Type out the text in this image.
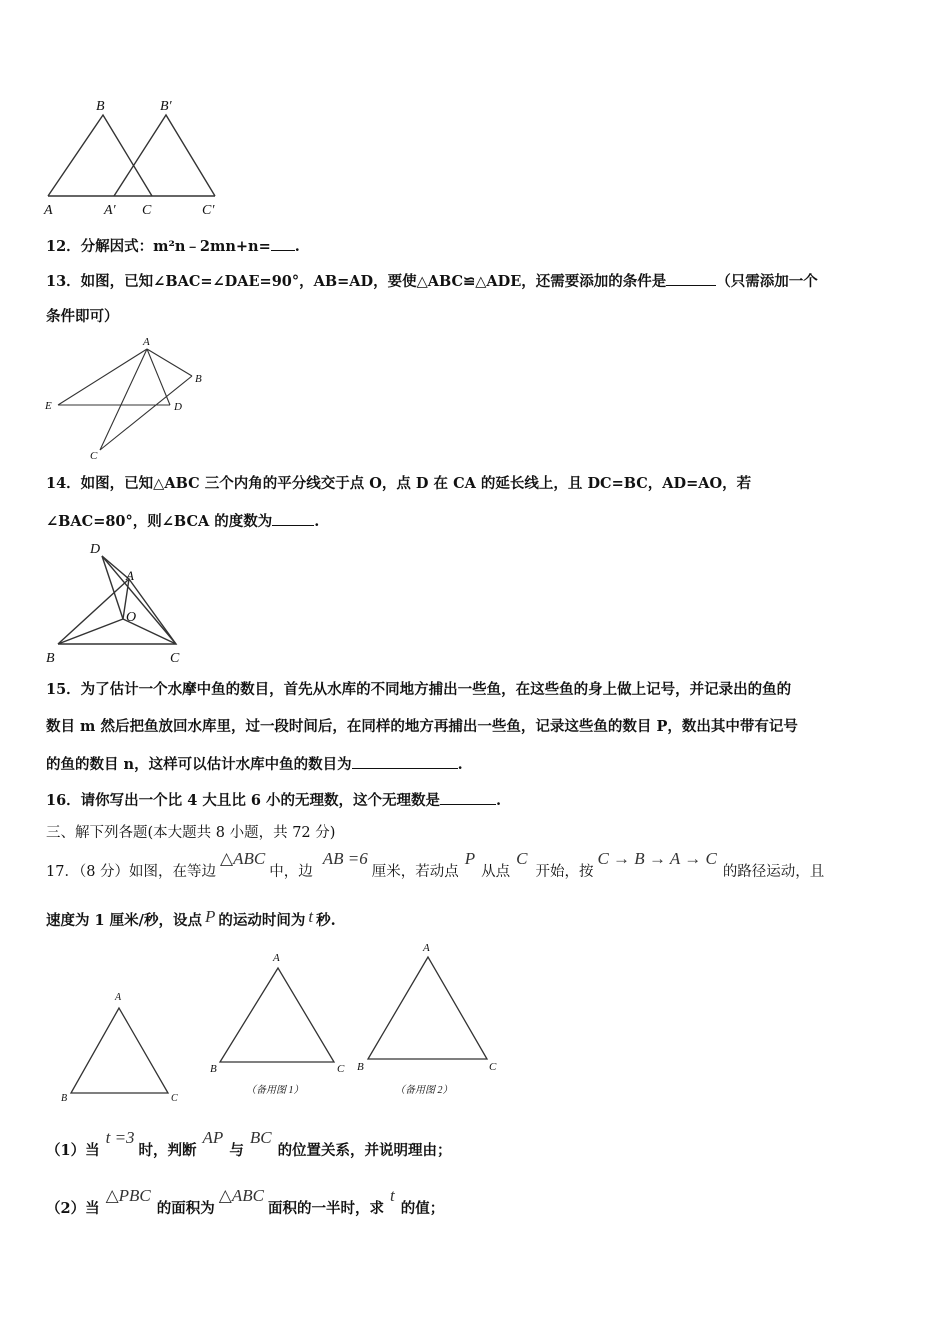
B	B′
A	A′ C	C′
12．分解因式：m²n﹣2mn+n= .
13．如图，已知∠BAC=∠DAE=90°，AB=AD，要使△ABC≌△ADE，还需要添加的条件是	（只需添加一个
条件即可）
A
B
E	D
C
14．如图，已知△ABC 三个内角的平分线交于点 O，点 D 在 CA 的延长线上，且 DC=BC，AD=AO，若
∠BAC=80°，则∠BCA 的度数为	.
D
A
O
B	C
15．为了估计一个水摩中鱼的数目，首先从水库的不同地方捕出一些鱼，在这些鱼的身上做上记号，并记录出的鱼的
数目 m 然后把鱼放回水库里，过一段时间后，在同样的地方再捕出一些鱼，记录这些鱼的数目 P，数出其中带有记号
的鱼的数目 n，这样可以估计水库中鱼的数目为	.
16．请你写出一个比 4 大且比 6 小的无理数，这个无理数是	.
三、解下列各题(本大题共 8 小题，共 72 分)
17．（8 分）如图，在等边△ABC中，边AB =6厘米，若动点P从点C开始，按C → B → A → C的路径运动，且
速度为 1 厘米/秒，设点 P 的运动时间为 t 秒.
A
B	C
A
B	C
（备用图 1）
A
B	C
（备用图 2）
（1）当t =3时，判断AP与BC的位置关系，并说明理由；
（2）当△PBC的面积为△ABC面积的一半时，求t的值；
